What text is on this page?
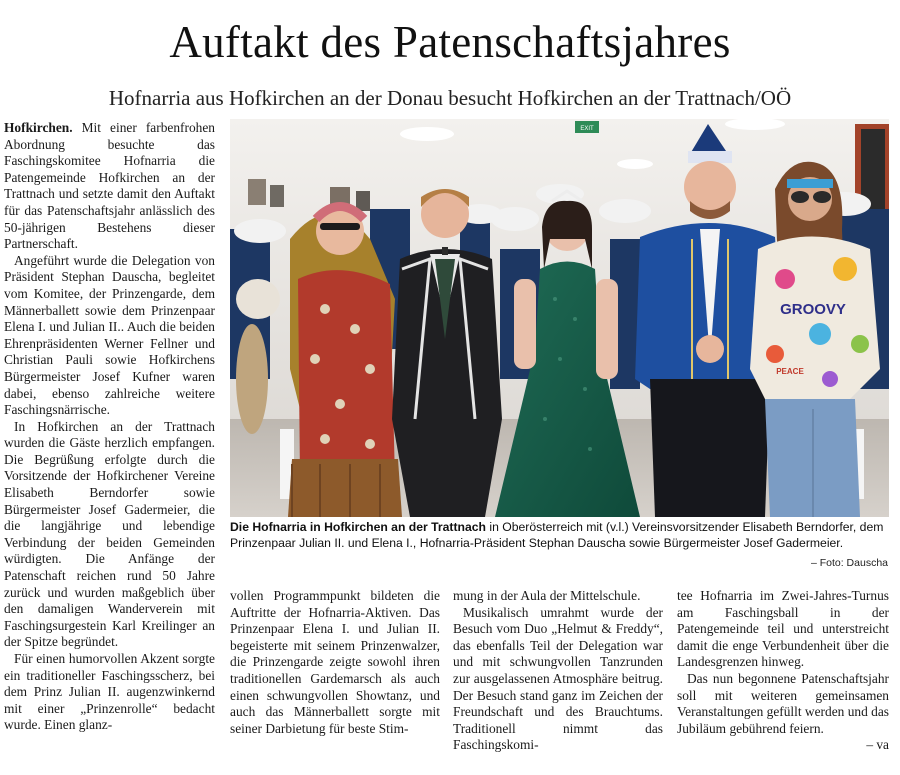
Auftakt des Patenschaftsjahres
Hofnarria aus Hofkirchen an der Donau besucht Hofkirchen an der Trattnach/OÖ

Hofkirchen. Mit einer farbenfrohen Abordnung besuchte das Faschingskomitee Hofnarria die Patengemeinde Hofkirchen an der Trattnach und setzte damit den Auftakt für das Patenschaftsjahr anlässlich des 50-jährigen Bestehens dieser Partnerschaft.

Angeführt wurde die Delegation von Präsident Stephan Dauscha, begleitet vom Komitee, der Prinzengarde, dem Männerballett sowie dem Prinzenpaar Elena I. und Julian II.. Auch die beiden Ehrenpräsidenten Werner Fellner und Christian Pauli sowie Hofkirchens Bürgermeister Josef Kufner waren dabei, ebenso zahlreiche weitere Faschingsnärrische.

In Hofkirchen an der Trattnach wurden die Gäste herzlich empfangen. Die Begrüßung erfolgte durch die Vorsitzende der Hofkirchener Vereine Elisabeth Berndorfer sowie Bürgermeister Josef Gadermeier, die die langjährige und lebendige Verbindung der beiden Gemeinden würdigten. Die Anfänge der Patenschaft reichen rund 50 Jahre zurück und wurden maßgeblich über den damaligen Wanderverein mit Faschingsurgestein Karl Kreilinger an der Spitze begründet.

Für einen humorvollen Akzent sorgte ein traditioneller Faschingsscherz, bei dem Prinz Julian II. augenzwinkernd mit einer „Prinzenrolle“ bedacht wurde. Einen glanz-

EXIT
GROOVY
PEACE
Die Hofnarria in Hofkirchen an der Trattnach in Oberösterreich mit (v.l.) Vereinsvorsitzender Elisabeth Berndorfer, dem Prinzenpaar Julian II. und Elena I., Hofnarria-Präsident Stephan Dauscha sowie Bürgermeister Josef Gadermeier.
– Foto: Dauscha

vollen Programmpunkt bildeten die Auftritte der Hofnarria-Aktiven. Das Prinzenpaar Elena I. und Julian II. begeisterte mit seinem Prinzenwalzer, die Prinzengarde zeigte sowohl ihren traditionellen Gardemarsch als auch einen schwungvollen Showtanz, und auch das Männerballett sorgte mit seiner Darbietung für beste Stim-

mung in der Aula der Mittelschule.

Musikalisch umrahmt wurde der Besuch vom Duo „Helmut & Freddy“, das ebenfalls Teil der Delegation war und mit schwungvollen Tanzrunden zur ausgelassenen Atmosphäre beitrug. Der Besuch stand ganz im Zeichen der Freundschaft und des Brauchtums. Traditionell nimmt das Faschingskomi-

tee Hofnarria im Zwei-Jahres-Turnus am Faschingsball in der Patengemeinde teil und unterstreicht damit die enge Verbundenheit über die Landesgrenzen hinweg.

Das nun begonnene Patenschaftsjahr soll mit weiteren gemeinsamen Veranstaltungen gefüllt werden und das Jubiläum gebührend feiern.

– va
